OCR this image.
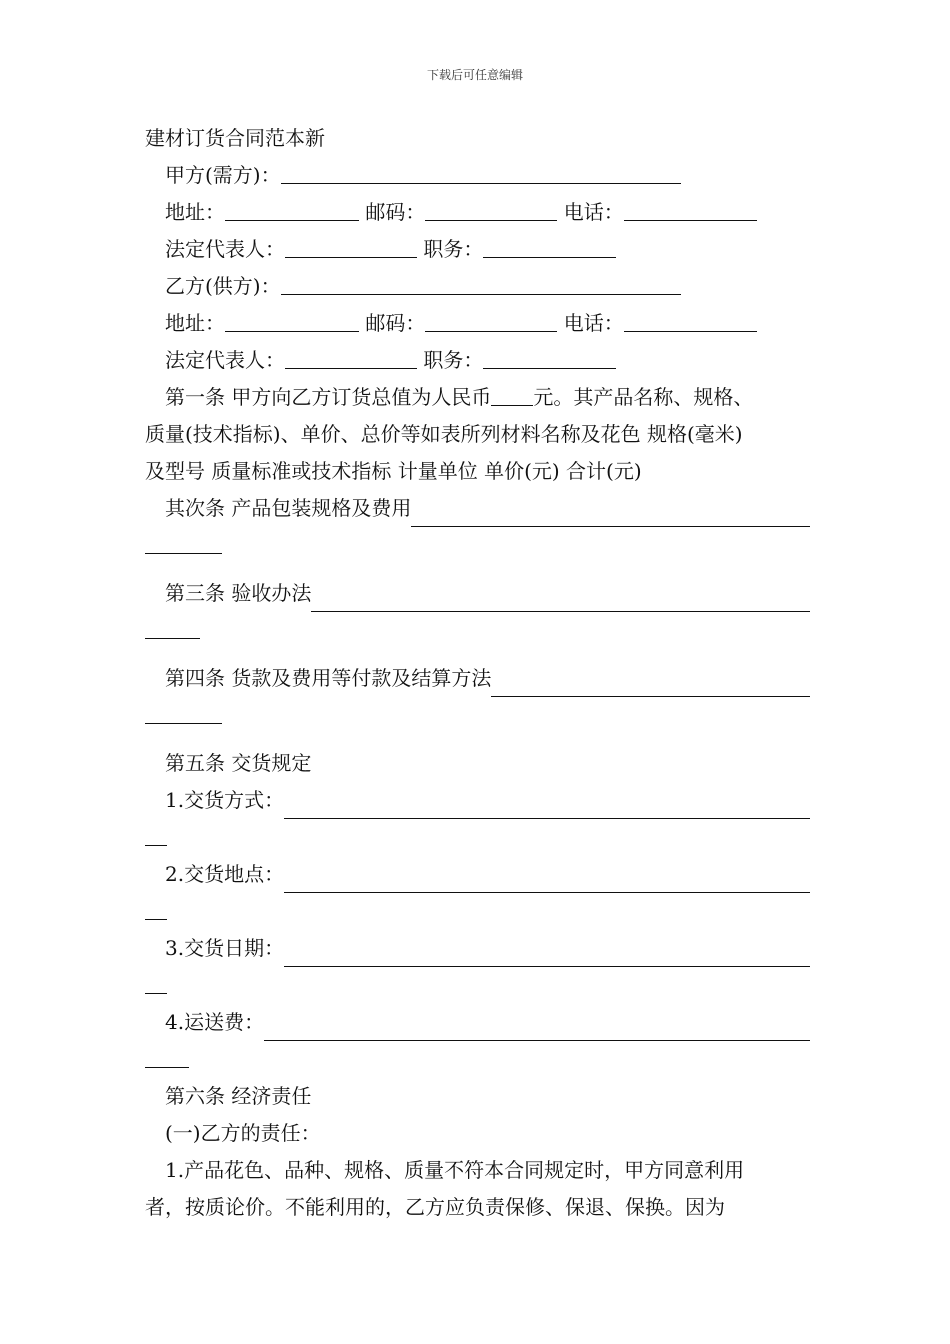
下载后可任意编辑
建材订货合同范本新
甲方(需方)：
地址：	邮码：	电话：
法定代表人：	职务：
乙方(供方)：
地址：	邮码：	电话：
法定代表人：	职务：
第一条 甲方向乙方订货总值为人民币 元。其产品名称、规格、
质量(技术指标)、单价、总价等如表所列材料名称及花色 规格(毫米)
及型号 质量标准或技术指标 计量单位 单价(元) 合计(元)
其次条 产品包装规格及费用
第三条 验收办法
第四条 货款及费用等付款及结算方法
第五条 交货规定
1.交货方式：
2.交货地点：
3.交货日期：
4.运送费：
第六条 经济责任
(一)乙方的责任：
1.产品花色、品种、规格、质量不符本合同规定时，甲方同意利用
者，按质论价。不能利用的，乙方应负责保修、保退、保换。因为
